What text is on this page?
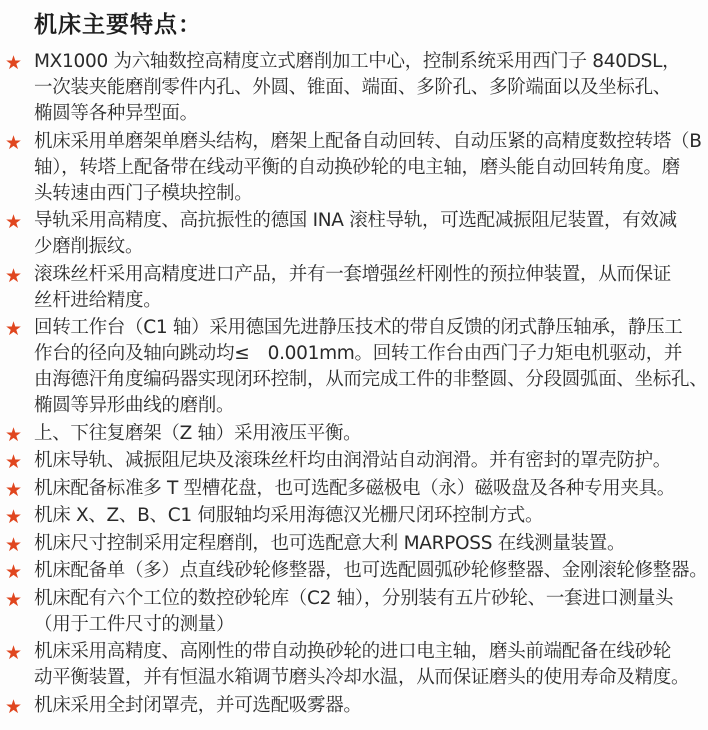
机床主要特点：
★ MX1000 为六轴数控高精度立式磨削加工中心，控制系统采用西门子 840DSL，
一次装夹能磨削零件内孔、外圆、锥面、端面、多阶孔、多阶端面以及坐标孔、
椭圆等各种异型面。
★ 机床采用单磨架单磨头结构，磨架上配备自动回转、自动压紧的高精度数控转塔（B
轴），转塔上配备带在线动平衡的自动换砂轮的电主轴，磨头能自动回转角度。磨
头转速由西门子模块控制。
★ 导轨采用高精度、高抗振性的德国 INA 滚柱导轨，可选配减振阻尼装置，有效减
少磨削振纹。
★ 滚珠丝杆采用高精度进口产品，并有一套增强丝杆刚性的预拉伸装置，从而保证
丝杆进给精度。
★ 回转工作台（C1 轴）采用德国先进静压技术的带自反馈的闭式静压轴承，静压工
作台的径向及轴向跳动均≤　0.001mm。回转工作台由西门子力矩电机驱动，并
由海德汗角度编码器实现闭环控制，从而完成工件的非整圆、分段圆弧面、坐标孔、
椭圆等异形曲线的磨削。
★ 上、下往复磨架（Z 轴）采用液压平衡。
★ 机床导轨、减振阻尼块及滚珠丝杆均由润滑站自动润滑。并有密封的罩壳防护。
★ 机床配备标准多 T 型槽花盘，也可选配多磁极电（永）磁吸盘及各种专用夹具。
★ 机床 X、Z、B、C1 伺服轴均采用海德汉光栅尺闭环控制方式。
★ 机床尺寸控制采用定程磨削，也可选配意大利 MARPOSS 在线测量装置。
★ 机床配备单（多）点直线砂轮修整器，也可选配圆弧砂轮修整器、金刚滚轮修整器。
★ 机床配有六个工位的数控砂轮库（C2 轴），分别装有五片砂轮、一套进口测量头
（用于工件尺寸的测量）
★ 机床采用高精度、高刚性的带自动换砂轮的进口电主轴，磨头前端配备在线砂轮
动平衡装置，并有恒温水箱调节磨头冷却水温，从而保证磨头的使用寿命及精度。
★ 机床采用全封闭罩壳，并可选配吸雾器。
